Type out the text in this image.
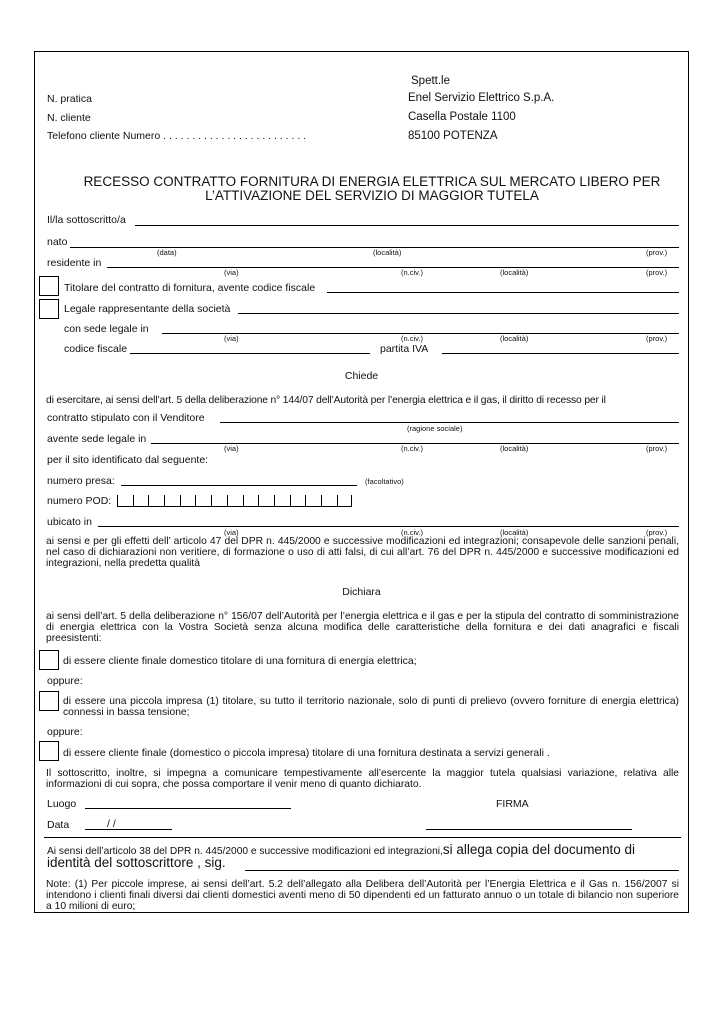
Spett.le
Enel Servizio Elettrico S.p.A.
Casella Postale 1100
85100 POTENZA
N. pratica
N. cliente
Telefono cliente Numero . . . . . . . . . . . . . . . . . . . . . . . . .
RECESSO CONTRATTO FORNITURA DI ENERGIA ELETTRICA SUL MERCATO LIBERO PER
L’ATTIVAZIONE DEL SERVIZIO DI MAGGIOR TUTELA
Il/la sottoscritto/a
nato
(data)	(località)	(prov.)
residente in
(via)	(n.civ.)	(località)	(prov.)
Titolare del contratto di fornitura, avente codice fiscale
Legale rappresentante della società
con sede legale in
(via)	(n.civ.)	(località)	(prov.)
codice fiscale	partita IVA
Chiede
di esercitare, ai sensi dell’art. 5 della deliberazione n° 144/07 dell’Autorità per l’energia elettrica e il gas, il diritto di recesso per il
contratto stipulato con il Venditore
(ragione sociale)
avente sede legale in
(via)	(n.civ.)	(località)	(prov.)
per il sito identificato dal seguente:
numero presa:	(facoltativo)
numero POD:
ubicato in
(via)	(n.civ.)	(località)	(prov.)
ai sensi e per gli effetti dell’ articolo 47 del DPR n. 445/2000 e successive modificazioni ed integrazioni; consapevole delle sanzioni penali, nel caso di dichiarazioni non veritiere, di formazione o uso di atti falsi, di cui all’art. 76 del DPR n. 445/2000 e successive modificazioni ed integrazioni, nella predetta qualità
Dichiara
ai sensi dell’art. 5 della deliberazione n° 156/07 dell’Autorità per l’energia elettrica e il gas e per la stipula del contratto di somministrazione di energia elettrica con la Vostra Società senza alcuna modifica delle caratteristiche della fornitura e dei dati anagrafici e fiscali preesistenti:
di essere cliente finale domestico titolare di una fornitura di energia elettrica;
oppure:
di essere una piccola impresa (1) titolare, su tutto il territorio nazionale, solo di punti di prelievo (ovvero forniture di energia elettrica) connessi in bassa tensione;
oppure:
di essere cliente finale (domestico o piccola impresa) titolare di una fornitura destinata a servizi generali .
Il sottoscritto, inoltre, si impegna a comunicare tempestivamente all’esercente la maggior tutela qualsiasi variazione, relativa alle informazioni di cui sopra, che possa comportare il venir meno di quanto dichiarato.
Luogo	FIRMA
Data	/ /
Ai sensi dell’articolo 38 del DPR n. 445/2000 e successive modificazioni ed integrazioni,si allega copia del documento di
identità del sottoscrittore , sig.
Note: (1) Per piccole imprese, ai sensi dell’art. 5.2 dell’allegato alla Delibera dell’Autorità per l’Energia Elettrica e il Gas n. 156/2007 si intendono i clienti finali diversi dai clienti domestici aventi meno di 50 dipendenti ed un fatturato annuo o un totale di bilancio non superiore a 10 milioni di euro;
